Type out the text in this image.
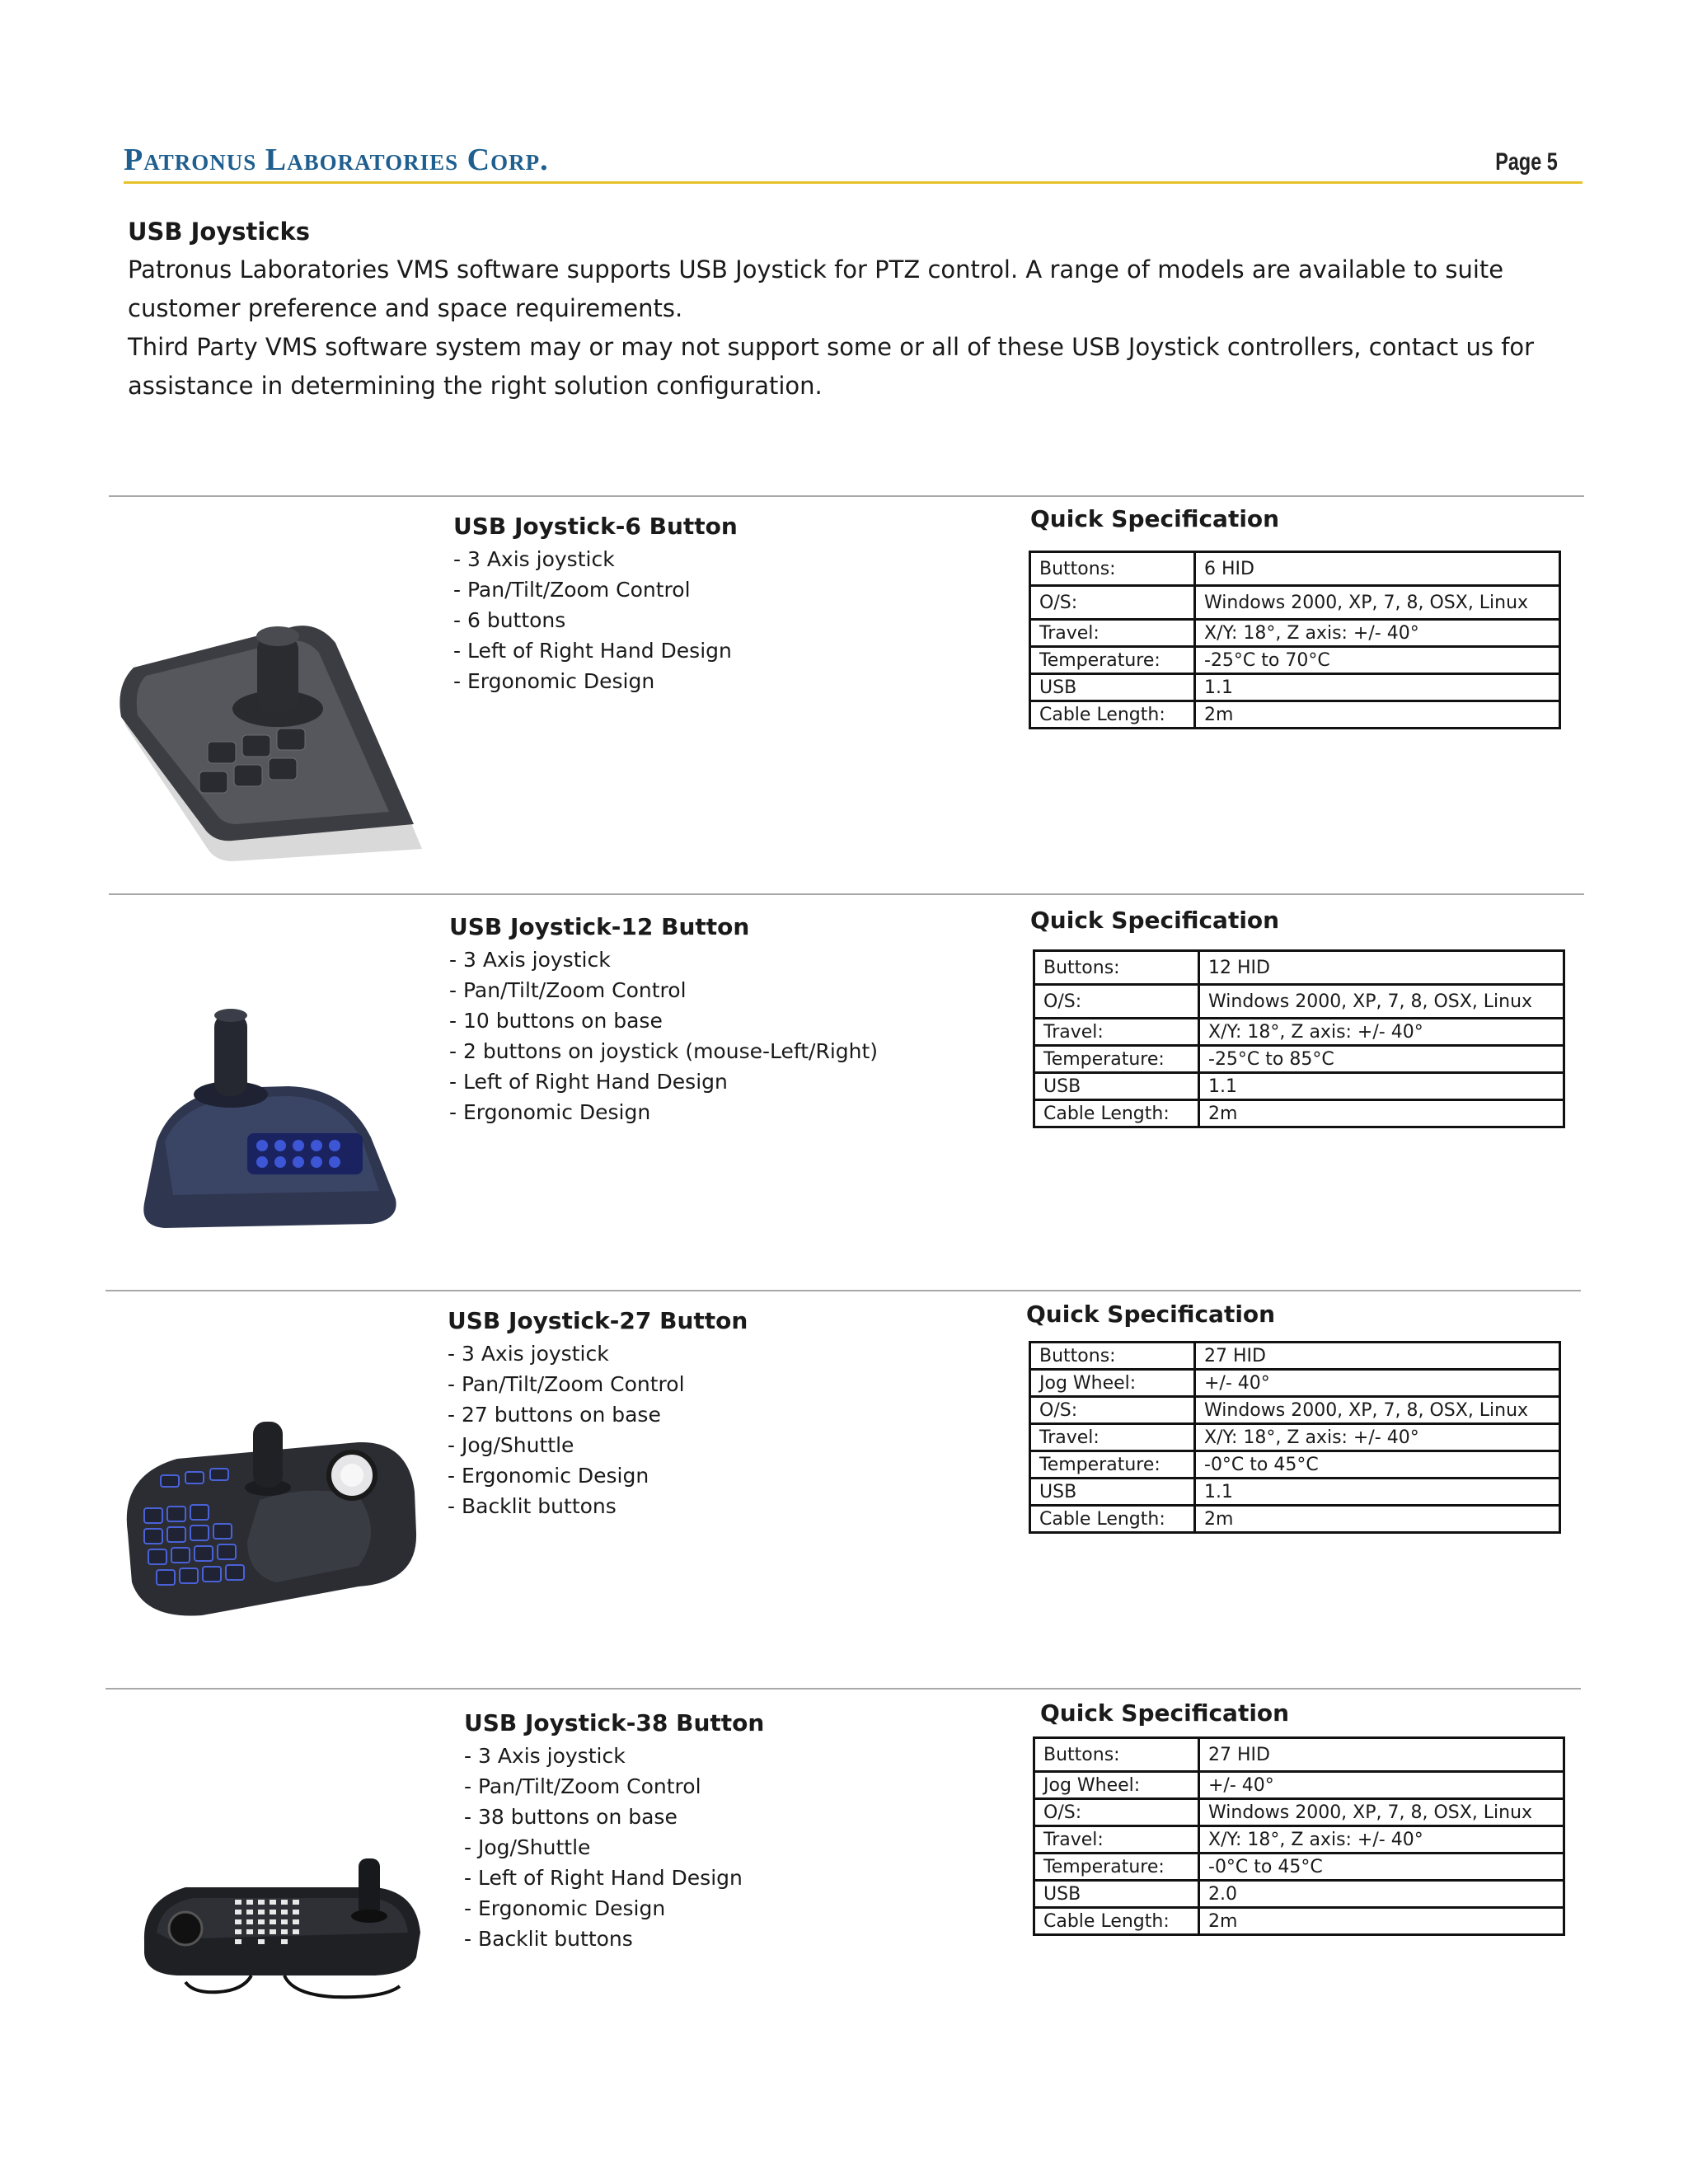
Patronus Laboratories Corp.	Page 5
USB Joysticks

Patronus Laboratories VMS software supports USB Joystick for PTZ control. A range of models are available to suite customer preference and space requirements.

Third Party VMS software system may or may not support some or all of these USB Joystick controllers, contact us for assistance in determining the right solution configuration.

USB Joystick-6 Button
- 3 Axis joystick
- Pan/Tilt/Zoom Control
- 6 buttons
- Left of Right Hand Design
- Ergonomic Design
Quick Specification
Buttons:	6 HID
O/S:	Windows 2000, XP, 7, 8, OSX, Linux
Travel:	X/Y: 18°, Z axis: +/- 40°
Temperature:	-25°C to 70°C
USB	1.1
Cable Length:	2m
USB Joystick-12 Button
- 3 Axis joystick
- Pan/Tilt/Zoom Control
- 10 buttons on base
- 2 buttons on joystick (mouse-Left/Right)
- Left of Right Hand Design
- Ergonomic Design
Quick Specification
Buttons:	12 HID
O/S:	Windows 2000, XP, 7, 8, OSX, Linux
Travel:	X/Y: 18°, Z axis: +/- 40°
Temperature:	-25°C to 85°C
USB	1.1
Cable Length:	2m
USB Joystick-27 Button
- 3 Axis joystick
- Pan/Tilt/Zoom Control
- 27 buttons on base
- Jog/Shuttle
- Ergonomic Design
- Backlit buttons
Quick Specification
Buttons:	27 HID
Jog Wheel:	+/- 40°
O/S:	Windows 2000, XP, 7, 8, OSX, Linux
Travel:	X/Y: 18°, Z axis: +/- 40°
Temperature:	-0°C to 45°C
USB	1.1
Cable Length:	2m
USB Joystick-38 Button
- 3 Axis joystick
- Pan/Tilt/Zoom Control
- 38 buttons on base
- Jog/Shuttle
- Left of Right Hand Design
- Ergonomic Design
- Backlit buttons
Quick Specification
Buttons:	27 HID
Jog Wheel:	+/- 40°
O/S:	Windows 2000, XP, 7, 8, OSX, Linux
Travel:	X/Y: 18°, Z axis: +/- 40°
Temperature:	-0°C to 45°C
USB	2.0
Cable Length:	2m
